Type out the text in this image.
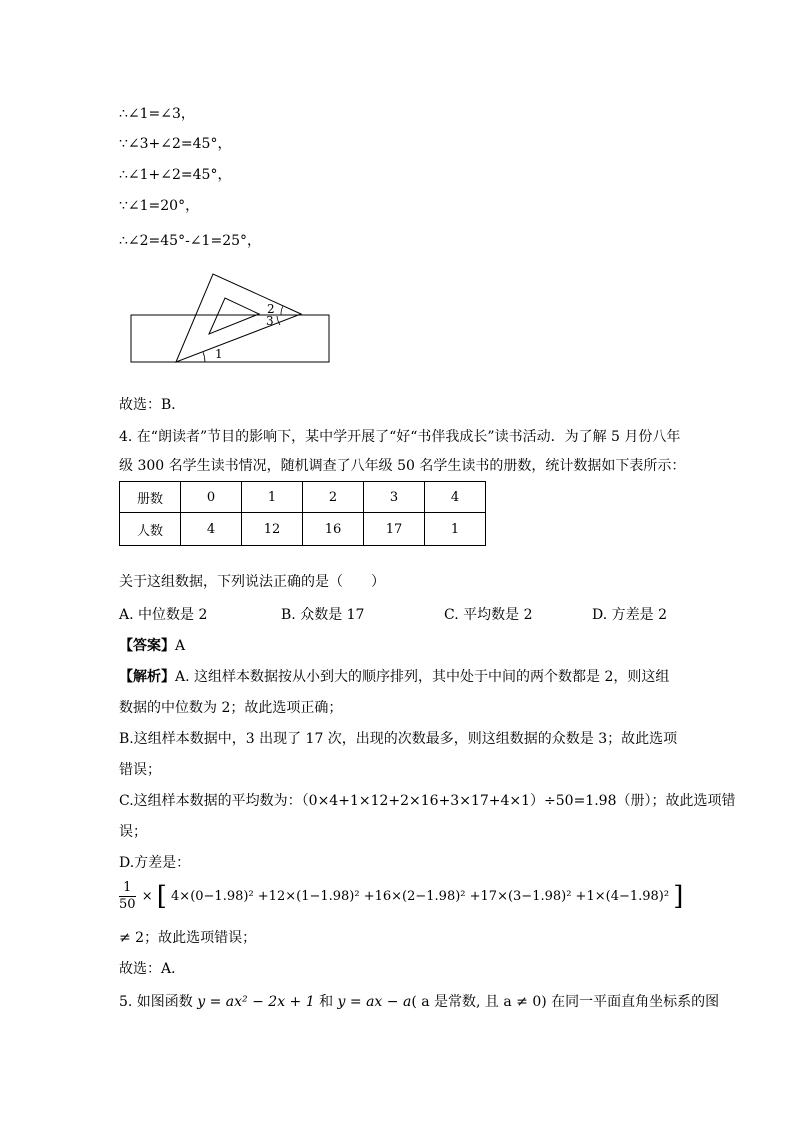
∴∠1=∠3，
∵∠3+∠2=45°，
∴∠1+∠2=45°，
∵∠1=20°，
∴∠2=45°-∠1=25°，
1
2
3
故选：B．
4. 在“朗读者”节目的影响下，某中学开展了“好“书伴我成长”读书活动．为了解 5 月份八年
级 300 名学生读书情况，随机调查了八年级 50 名学生读书的册数，统计数据如下表所示：
册数	0	1	2	3	4
人数	4	12	16	17	1
关于这组数据，下列说法正确的是（　　）
A. 中位数是 2	B. 众数是 17	C. 平均数是 2	D. 方差是 2
【答案】A
【解析】A. 这组样本数据按从小到大的顺序排列，其中处于中间的两个数都是 2，则这组
数据的中位数为 2；故此选项正确；
B.这组样本数据中，3 出现了 17 次，出现的次数最多，则这组数据的众数是 3；故此选项
错误；
C.这组样本数据的平均数为：（0×4+1×12+2×16+3×17+4×1）÷50=1.98（册）；故此选项错
误；
D.方差是：
$\frac{1}{50}$ × [ 4×(0−1.98)² +12×(1−1.98)² +16×(2−1.98)² +17×(3−1.98)² +1×(4−1.98)² ]
≠ 2；故此选项错误；
故选：A．
5. 如图函数 y = ax² − 2x + 1 和 y = ax − a( a 是常数, 且 a ≠ 0) 在同一平面直角坐标系的图
